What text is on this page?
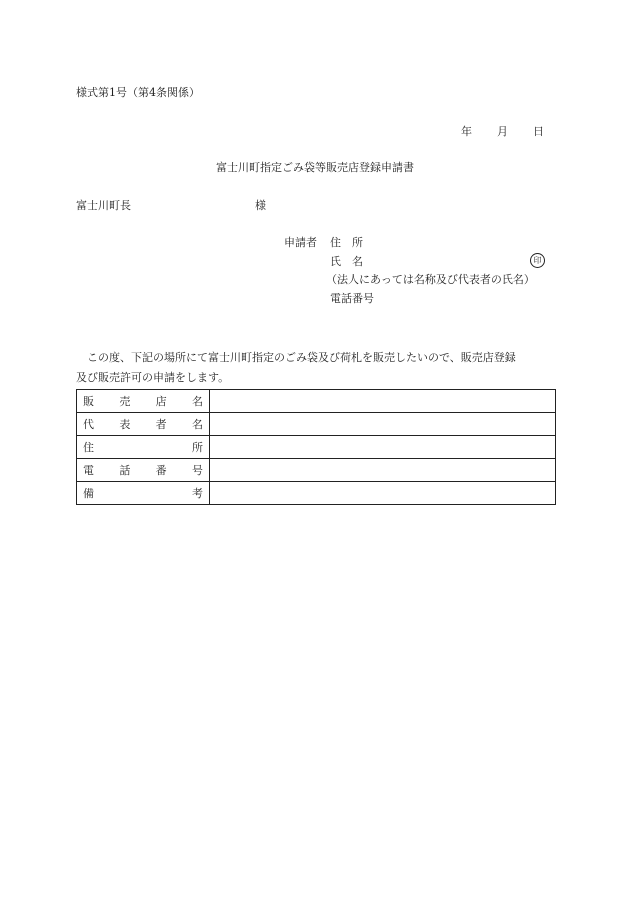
様式第1号（第4条関係）
年 月 日
富士川町指定ごみ袋等販売店登録申請書
富士川町長	様
申請者 住　所
氏　名	印
（法人にあっては名称及び代表者の氏名）
電話番号
この度、下記の場所にて富士川町指定のごみ袋及び荷札を販売したいので、販売店登録
及び販売許可の申請をします。
販 売 店 名	

代 表 者 名	

住 所	

電 話 番 号	

備 考	
